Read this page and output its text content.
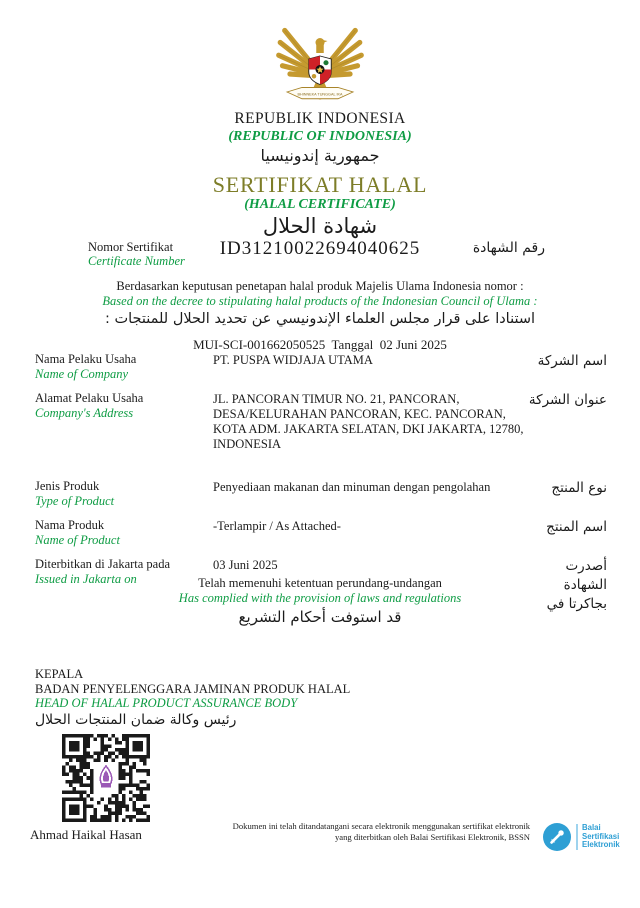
BHINNEKA TUNGGAL IKA
REPUBLIK INDONESIA
(REPUBLIC OF INDONESIA)
جمهورية إندونيسيا
SERTIFIKAT HALAL
(HALAL CERTIFICATE)
شهادة الحلال
Nomor Sertifikat
Certificate Number
ID31210022694040625	رقم الشهادة
Berdasarkan keputusan penetapan halal produk Majelis Ulama Indonesia nomor :
Based on the decree to stipulating halal products of the Indonesian Council of Ulama :
استنادا على قرار مجلس العلماء الإندونيسي عن تحديد الحلال للمنتجات :
MUI-SCI-001662050525  Tanggal  02 Juni 2025
Nama Pelaku Usaha
Name of Company
PT. PUSPA WIDJAJA UTAMA	اسم الشركة
Alamat Pelaku Usaha
Company's Address
JL. PANCORAN TIMUR NO. 21, PANCORAN, DESA/KELURAHAN PANCORAN, KEC. PANCORAN, KOTA ADM. JAKARTA SELATAN, DKI JAKARTA, 12780, INDONESIA
عنوان الشركة
Jenis Produk
Type of Product
Penyediaan makanan dan minuman dengan pengolahan	نوع المنتج
Nama Produk
Name of Product
-Terlampir / As Attached-	اسم المنتج
Diterbitkan di Jakarta pada
Issued in Jakarta on
03 Juni 2025	أصدرت الشهادة بجاكرتا في
Telah memenuhi ketentuan perundang-undangan
Has complied with the provision of laws and regulations
قد استوفت أحكام التشريع
KEPALA
BADAN PENYELENGGARA JAMINAN PRODUK HALAL
HEAD OF HALAL PRODUCT ASSURANCE BODY
رئيس وكالة ضمان المنتجات الحلال
Ahmad Haikal Hasan
Dokumen ini telah ditandatangani secara elektronik menggunakan sertifikat elektronik
yang diterbitkan oleh Balai Sertifikasi Elektronik, BSSN
Balai Sertifikasi Elektronik
